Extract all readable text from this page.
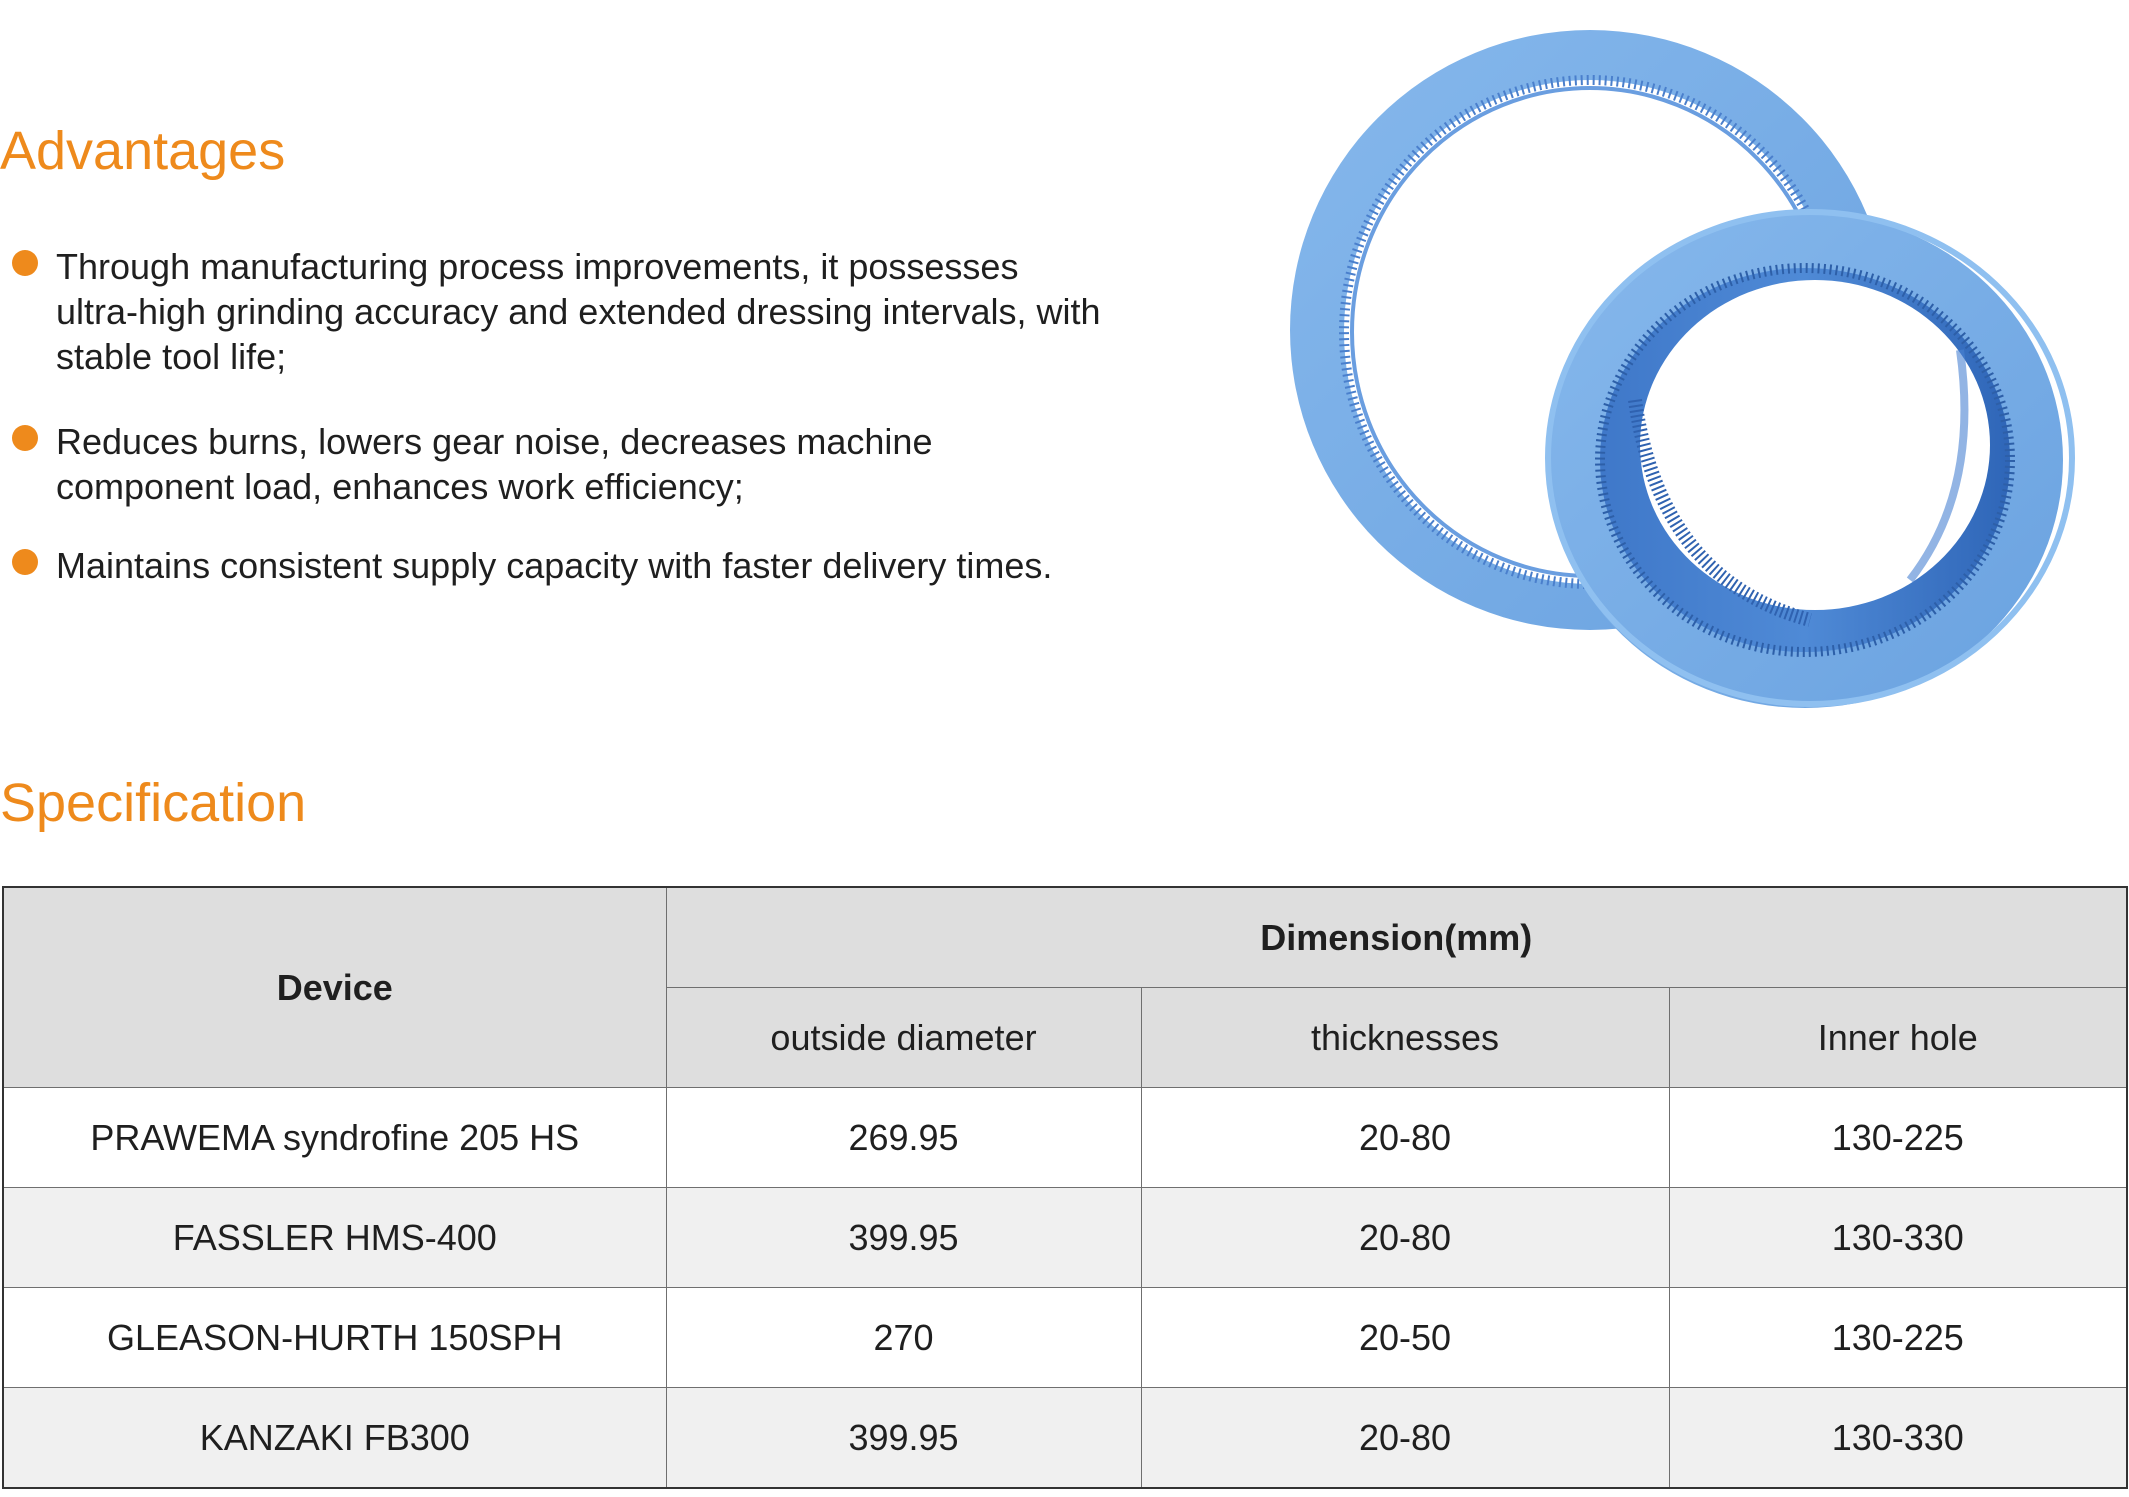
Advantages
Through manufacturing process improvements, it possesses ultra-high grinding accuracy and extended dressing intervals, with stable tool life;
Reduces burns, lowers gear noise, decreases machine component load, enhances work efficiency;
Maintains consistent supply capacity with faster delivery times.
Specification
Device	Dimension(mm)		
	outside diameter	thicknesses	Inner hole
PRAWEMA syndrofine 205 HS	269.95	20-80	130-225
FASSLER HMS-400	399.95	20-80	130-330
GLEASON-HURTH 150SPH	270	20-50	130-225
KANZAKI FB300	399.95	20-80	130-330
